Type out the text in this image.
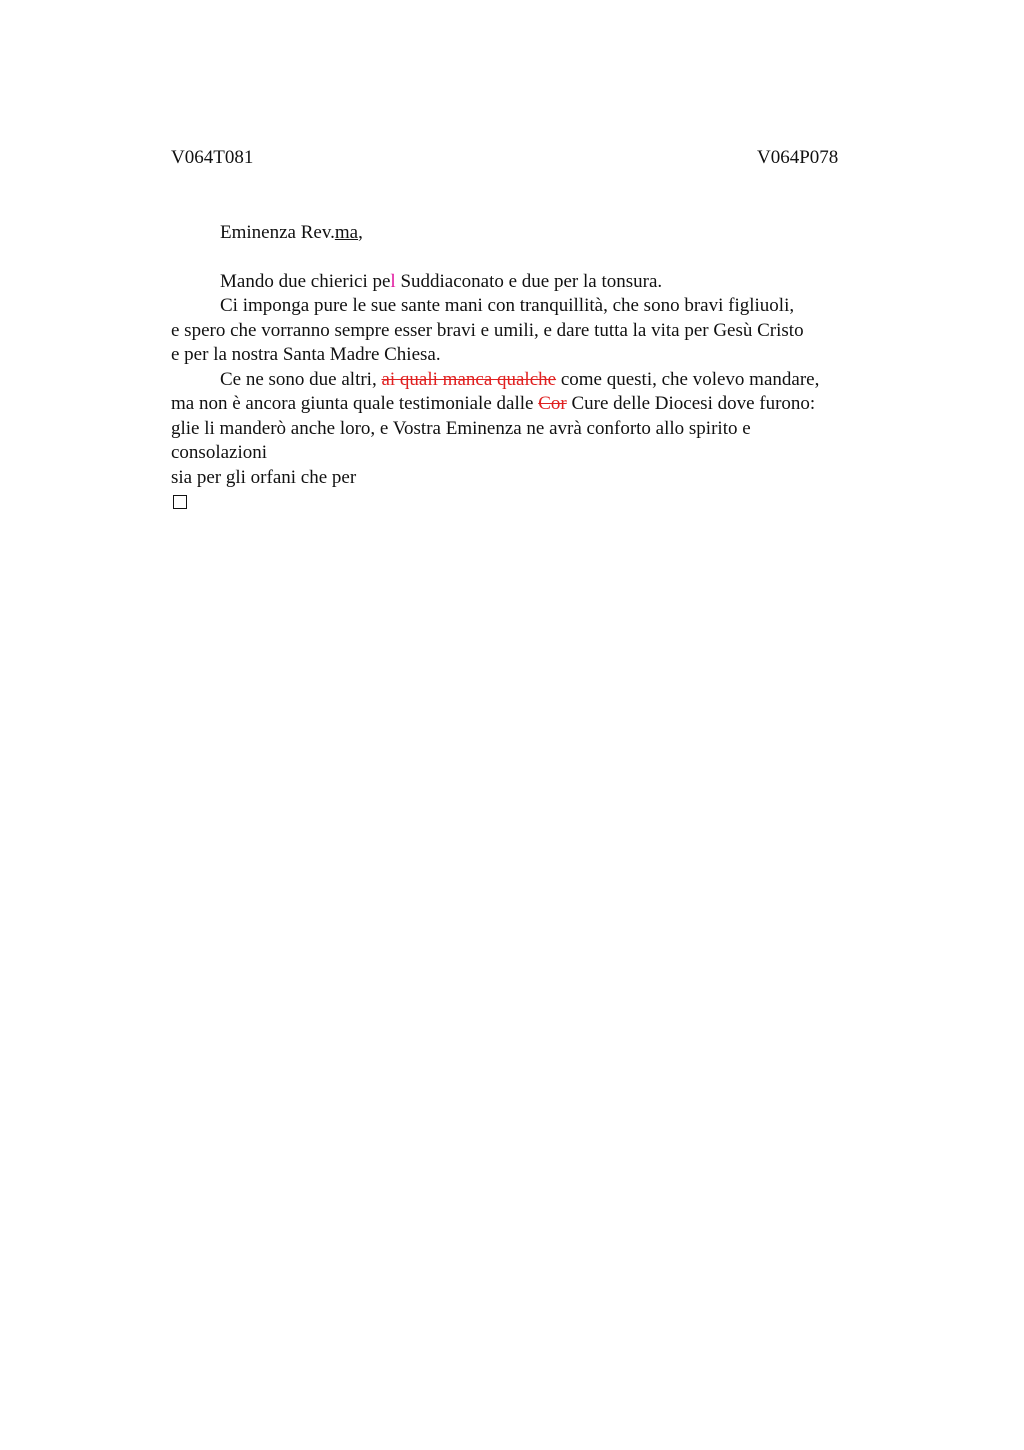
V064T081	V064P078
Eminenza Rev.ma,
Mando due chierici pel Suddiaconato e due per la tonsura.
Ci imponga pure le sue sante mani con tranquillità, che sono bravi figliuoli,
e spero che vorranno sempre esser bravi e umili, e dare tutta la vita per Gesù Cristo
e per la nostra Santa Madre Chiesa.
Ce ne sono due altri, ai quali manca qualche come questi, che volevo mandare,
ma non è ancora giunta quale testimoniale dalle Cor Cure delle Diocesi dove furono:
glie li manderò anche loro, e Vostra Eminenza ne avrà conforto allo spirito e
consolazioni
sia per gli orfani che per
